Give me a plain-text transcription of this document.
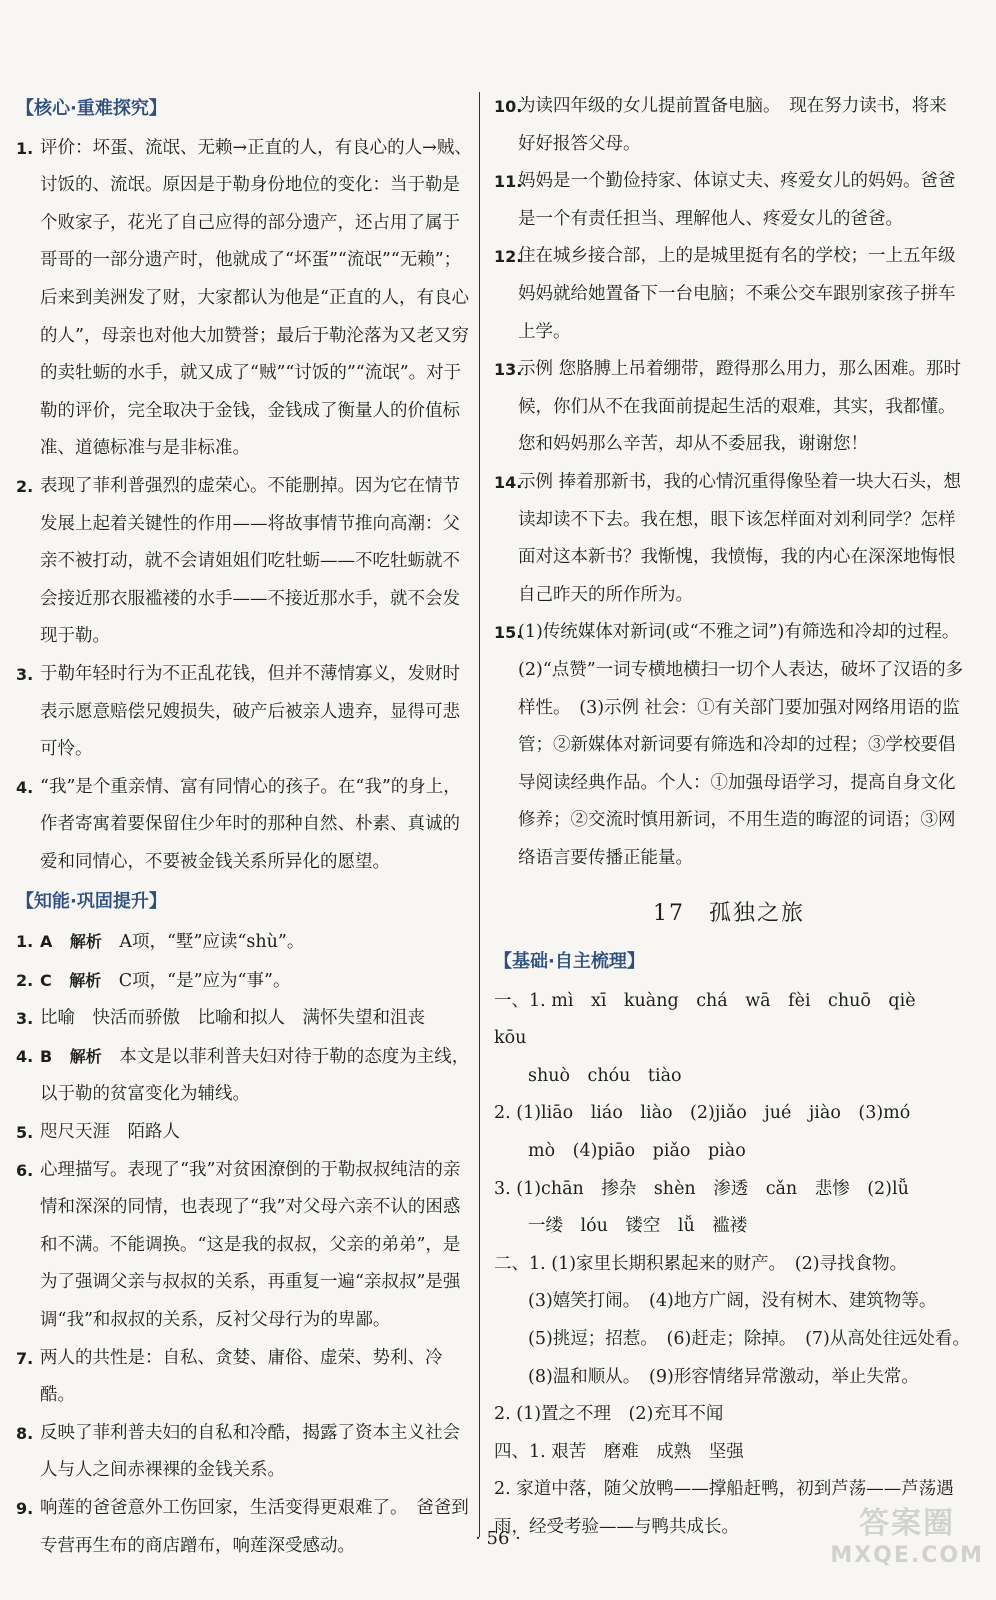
【核心·重难探究】
1. 评价：坏蛋、流氓、无赖→正直的人，有良心的人→贼、讨饭的、流氓。原因是于勒身份地位的变化：当于勒是个败家子，花光了自己应得的部分遗产，还占用了属于哥哥的一部分遗产时，他就成了“坏蛋”“流氓”“无赖”；后来到美洲发了财，大家都认为他是“正直的人，有良心的人”，母亲也对他大加赞誉；最后于勒沦落为又老又穷的卖牡蛎的水手，就又成了“贼”“讨饭的”“流氓”。对于勒的评价，完全取决于金钱，金钱成了衡量人的价值标准、道德标准与是非标准。
2. 表现了菲利普强烈的虚荣心。不能删掉。因为它在情节发展上起着关键性的作用——将故事情节推向高潮：父亲不被打动，就不会请姐姐们吃牡蛎——不吃牡蛎就不会接近那衣服褴褛的水手——不接近那水手，就不会发现于勒。
3. 于勒年轻时行为不正乱花钱，但并不薄情寡义，发财时表示愿意赔偿兄嫂损失，破产后被亲人遗弃，显得可悲可怜。
4. “我”是个重亲情、富有同情心的孩子。在“我”的身上，作者寄寓着要保留住少年时的那种自然、朴素、真诚的爱和同情心，不要被金钱关系所异化的愿望。
【知能·巩固提升】
1. A　 解析　 A项，“墅”应读“shù”。
2. C　 解析　 C项，“是”应为“事”。
3. 比喻　快活而骄傲　比喻和拟人　满怀失望和沮丧
4. B　 解析　 本文是以菲利普夫妇对待于勒的态度为主线，以于勒的贫富变化为辅线。
5. 咫尺天涯　陌路人
6. 心理描写。表现了“我”对贫困潦倒的于勒叔叔纯洁的亲情和深深的同情，也表现了“我”对父母六亲不认的困惑和不满。不能调换。“这是我的叔叔，父亲的弟弟”，是为了强调父亲与叔叔的关系，再重复一遍“亲叔叔”是强调“我”和叔叔的关系，反衬父母行为的卑鄙。
7. 两人的共性是：自私、贪婪、庸俗、虚荣、势利、冷酷。
8. 反映了菲利普夫妇的自私和冷酷，揭露了资本主义社会人与人之间赤裸裸的金钱关系。
9. 响莲的爸爸意外工伤回家，生活变得更艰难了。　爸爸到专营再生布的商店蹭布，响莲深受感动。
10.
为读四年级的女儿提前置备电脑。　现在努力读书，将来好好报答父母。
11.
妈妈是一个勤俭持家、体谅丈夫、疼爱女儿的妈妈。爸爸是一个有责任担当、理解他人、疼爱女儿的爸爸。
12.
住在城乡接合部，上的是城里挺有名的学校；一上五年级妈妈就给她置备下一台电脑；不乘公交车跟别家孩子拼车上学。
13.
示例 您胳膊上吊着绷带，蹬得那么用力，那么困难。那时候，你们从不在我面前提起生活的艰难，其实，我都懂。您和妈妈那么辛苦，却从不委屈我，谢谢您！
14.
示例 捧着那新书，我的心情沉重得像坠着一块大石头，想读却读不下去。我在想，眼下该怎样面对刘利同学？怎样面对这本新书？我惭愧，我愤悔，我的内心在深深地悔恨自己昨天的所作所为。
15.
(1)传统媒体对新词(或“不雅之词”)有筛选和冷却的过程。　(2)“点赞”一词专横地横扫一切个人表达，破坏了汉语的多样性。　(3)示例 社会：①有关部门要加强对网络用语的监管；②新媒体对新词要有筛选和冷却的过程；③学校要倡导阅读经典作品。个人：①加强母语学习，提高自身文化修养；②交流时慎用新词，不用生造的晦涩的词语；③网络语言要传播正能量。
17　孤独之旅
【基础·自主梳理】
一、1. mì　xī　kuàng　chá　wā　fèi　chuō　qiè　kōu
shuò　chóu　tiào
2. (1)liāo　liáo　liào　(2)jiǎo　jué　jiào　(3)mó
mò　(4)piāo　piǎo　piào
3. (1)chān　掺杂　shèn　渗透　cǎn　悲惨　(2)lǚ
一缕　lóu　镂空　lǚ　褴褛
二、1. (1)家里长期积累起来的财产。　(2)寻找食物。
(3)嬉笑打闹。　(4)地方广阔，没有树木、建筑物等。
(5)挑逗；招惹。　(6)赶走；除掉。　(7)从高处往远处看。　(8)温和顺从。　(9)形容情绪异常激动，举止失常。
2. (1)置之不理　(2)充耳不闻
四、1. 艰苦　磨难　成熟　坚强
2. 家道中落，随父放鸭——撑船赶鸭，初到芦荡——芦荡遇雨，经受考验——与鸭共成长。
· 56 ·	答案圈
MXQE.COM
